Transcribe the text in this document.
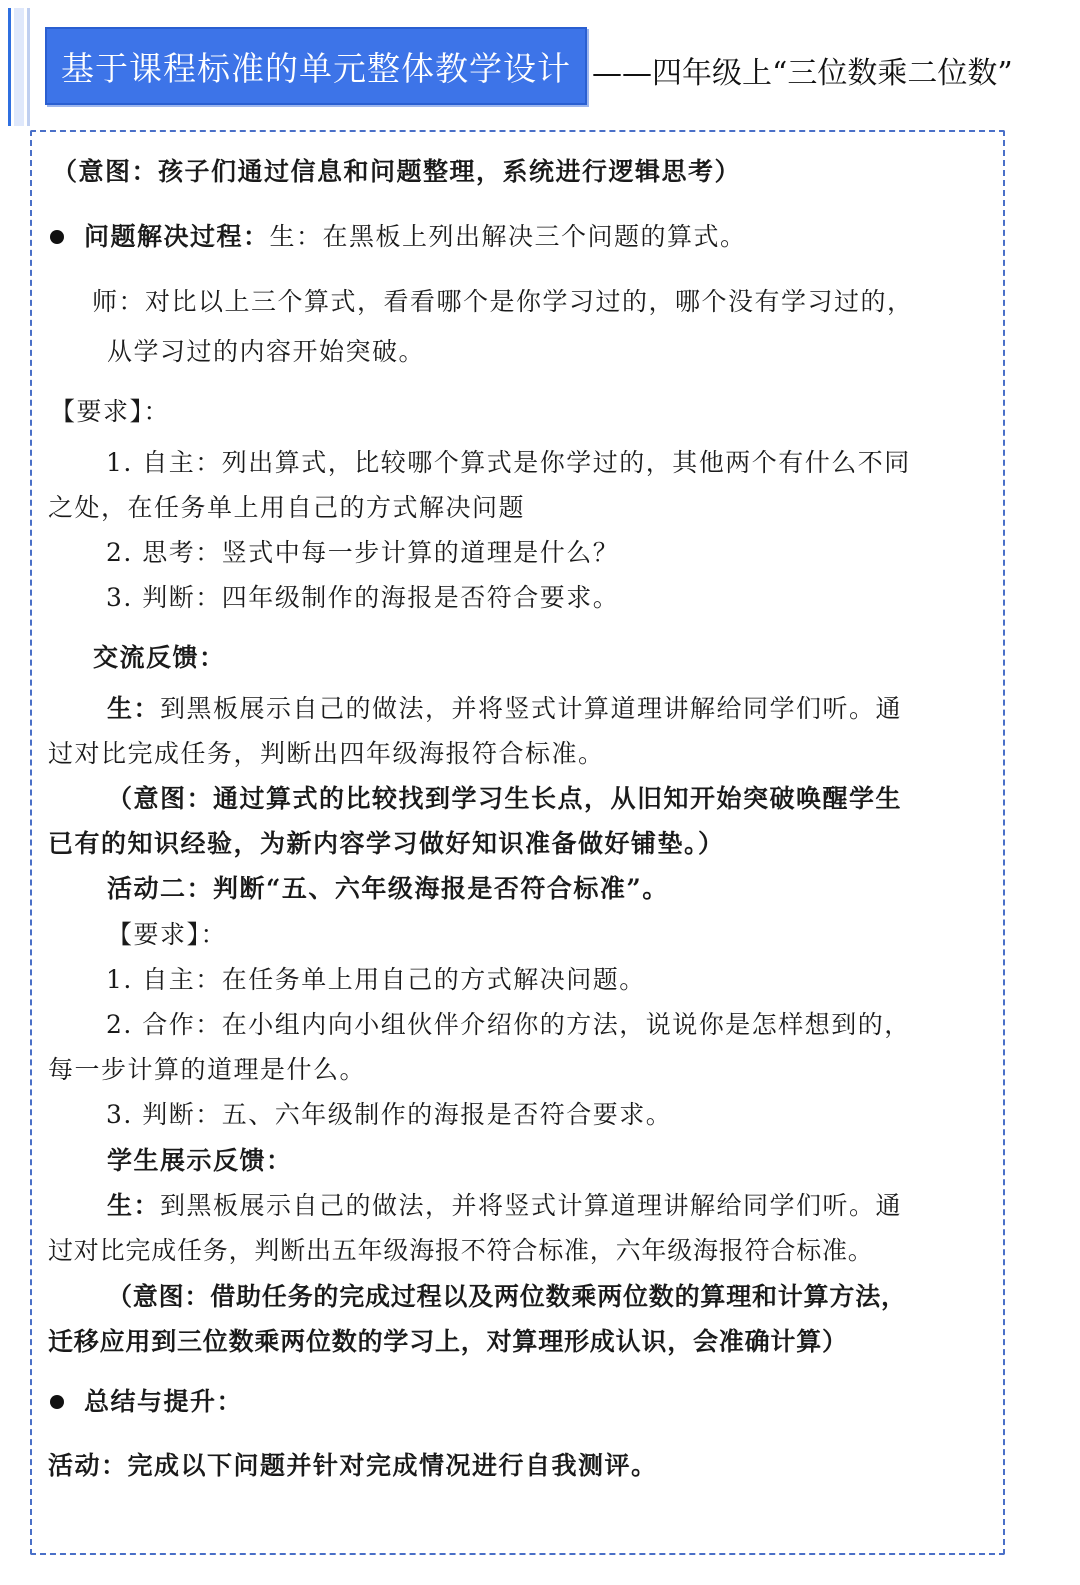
基于课程标准的单元整体教学设计 ——四年级上“三位数乘二位数”
（意图：孩子们通过信息和问题整理，系统进行逻辑思考）
问题解决过程：生：在黑板上列出解决三个问题的算式。
师：对比以上三个算式，看看哪个是你学习过的，哪个没有学习过的，
从学习过的内容开始突破。
【要求】：
1. 自主：列出算式，比较哪个算式是你学过的，其他两个有什么不同
之处，在任务单上用自己的方式解决问题
2. 思考：竖式中每一步计算的道理是什么？
3. 判断：四年级制作的海报是否符合要求。
交流反馈：
生：到黑板展示自己的做法，并将竖式计算道理讲解给同学们听。通
过对比完成任务，判断出四年级海报符合标准。
（意图：通过算式的比较找到学习生长点，从旧知开始突破唤醒学生
已有的知识经验，为新内容学习做好知识准备做好铺垫。）
活动二：判断“五、六年级海报是否符合标准”。
【要求】：
1. 自主：在任务单上用自己的方式解决问题。
2. 合作：在小组内向小组伙伴介绍你的方法，说说你是怎样想到的，
每一步计算的道理是什么。
3. 判断：五、六年级制作的海报是否符合要求。
学生展示反馈：
生：到黑板展示自己的做法，并将竖式计算道理讲解给同学们听。通
过对比完成任务，判断出五年级海报不符合标准，六年级海报符合标准。
（意图：借助任务的完成过程以及两位数乘两位数的算理和计算方法，
迁移应用到三位数乘两位数的学习上，对算理形成认识，会准确计算）
总结与提升：
活动：完成以下问题并针对完成情况进行自我测评。
